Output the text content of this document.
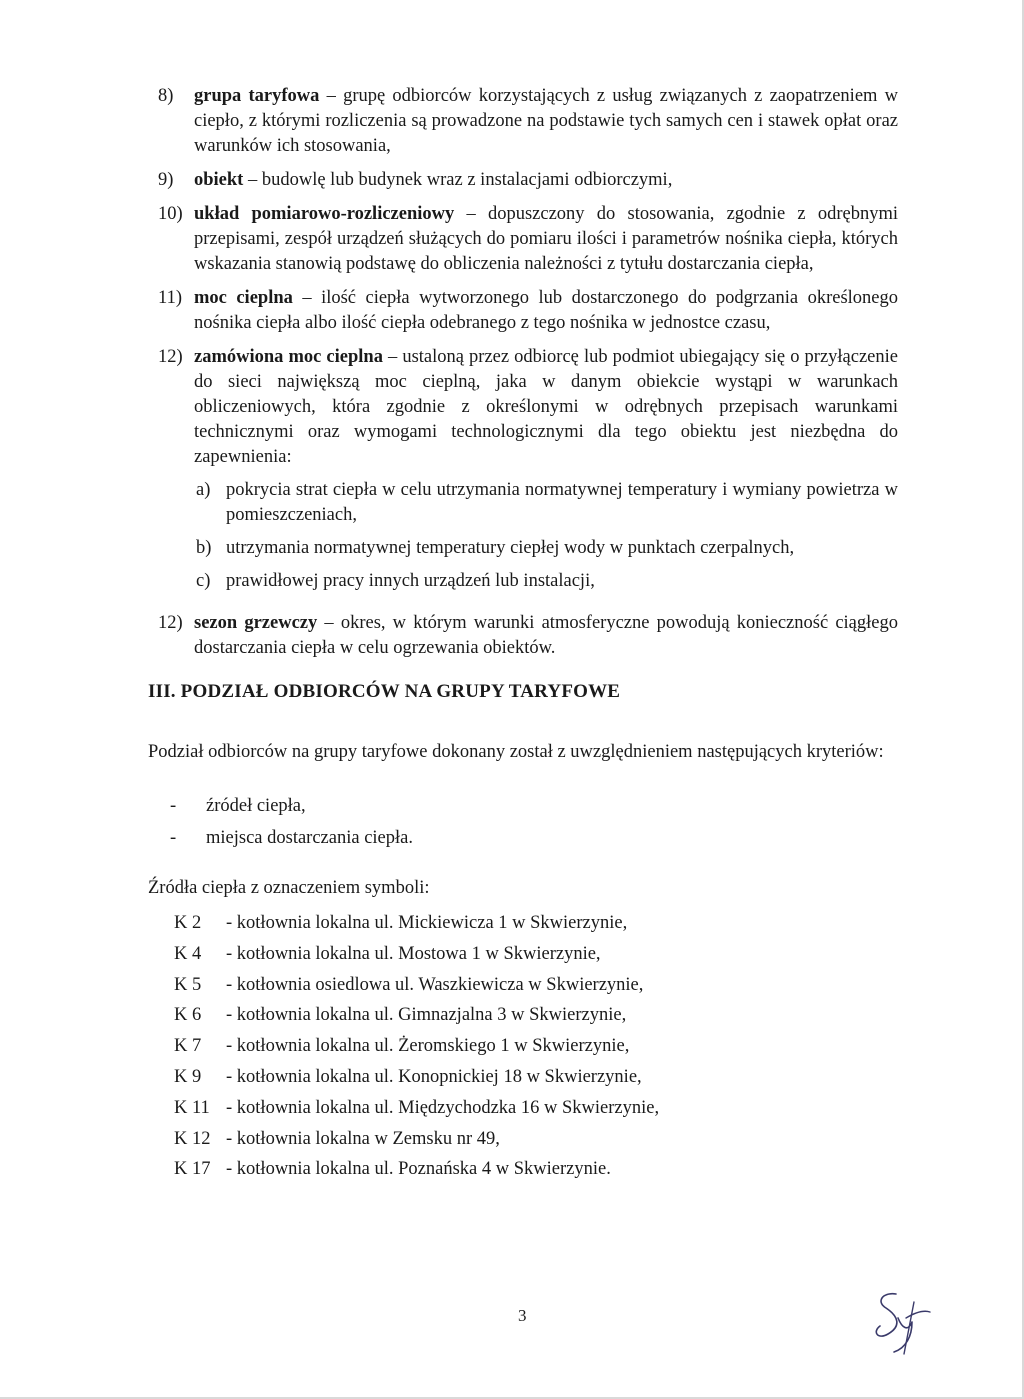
8)	grupa taryfowa – grupę odbiorców korzystających z usług związanych z zaopatrzeniem w ciepło, z którymi rozliczenia są prowadzone na podstawie tych samych cen i stawek opłat oraz warunków ich stosowania,
9)	obiekt – budowlę lub budynek wraz z instalacjami odbiorczymi,
10) układ pomiarowo-rozliczeniowy – dopuszczony do stosowania, zgodnie z odrębnymi przepisami, zespół urządzeń służących do pomiaru ilości i parametrów nośnika ciepła, których wskazania stanowią podstawę do obliczenia należności z tytułu dostarczania ciepła,
11) moc cieplna – ilość ciepła wytworzonego lub dostarczonego do podgrzania określonego nośnika ciepła albo ilość ciepła odebranego z tego nośnika w jednostce czasu,
12) zamówiona moc cieplna – ustaloną przez odbiorcę lub podmiot ubiegający się o przyłączenie do sieci największą moc cieplną, jaka w danym obiekcie wystąpi w warunkach obliczeniowych, która zgodnie z określonymi w odrębnych przepisach warunkami technicznymi oraz wymogami technologicznymi dla tego obiektu jest niezbędna do zapewnienia:
a) pokrycia strat ciepła w celu utrzymania normatywnej temperatury i wymiany powietrza w pomieszczeniach,
b) utrzymania normatywnej temperatury ciepłej wody w punktach czerpalnych,
c) prawidłowej pracy innych urządzeń lub instalacji,
12) sezon grzewczy – okres, w którym warunki atmosferyczne powodują konieczność ciągłego dostarczania ciepła w celu ogrzewania obiektów.
III. PODZIAŁ ODBIORCÓW NA GRUPY TARYFOWE
Podział odbiorców na grupy taryfowe dokonany został z uwzględnieniem następujących kryteriów:
-	źródeł ciepła,
-	miejsca dostarczania ciepła.
Źródła ciepła z oznaczeniem symboli:
K 2	- kotłownia lokalna ul. Mickiewicza 1 w Skwierzynie,
K 4	- kotłownia lokalna ul. Mostowa 1 w Skwierzynie,
K 5	- kotłownia osiedlowa ul. Waszkiewicza w Skwierzynie,
K 6	- kotłownia lokalna ul. Gimnazjalna 3 w Skwierzynie,
K 7	- kotłownia lokalna ul. Żeromskiego 1 w Skwierzynie,
K 9	- kotłownia lokalna ul. Konopnickiej 18 w Skwierzynie,
K 11 - kotłownia lokalna ul. Międzychodzka 16 w Skwierzynie,
K 12 - kotłownia lokalna w Zemsku nr 49,
K 17 - kotłownia lokalna ul. Poznańska 4 w Skwierzynie.
3
